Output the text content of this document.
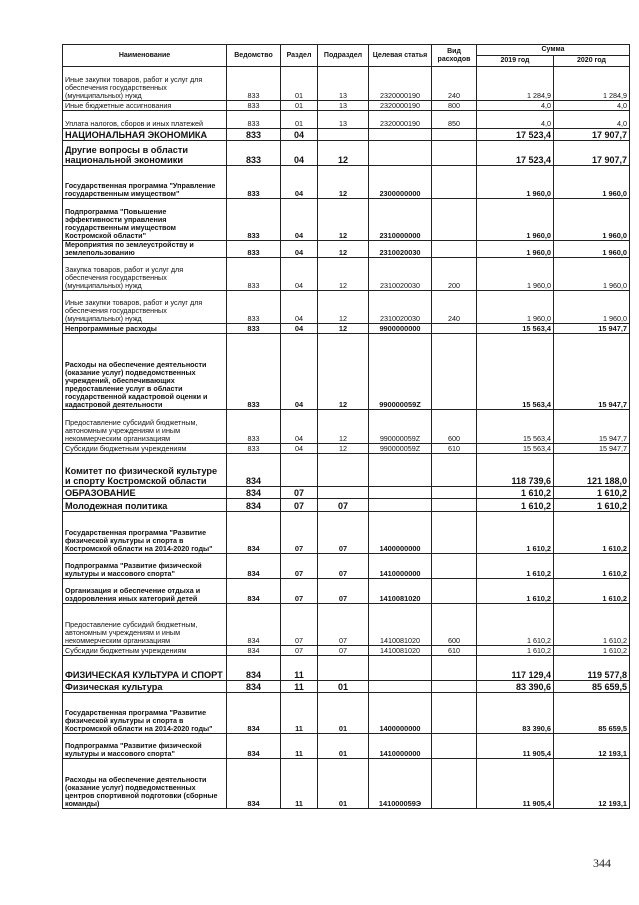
Наименование	Ведомство	Раздел	Подраздел	Целевая статья	Вид расходов	Сумма	
						2019 год	2020 год
Иные закупки товаров, работ и услуг для обеспечения государственных (муниципальных) нужд	833	01	13	2320000190	240	1 284,9	1 284,9
Иные бюджетные ассигнования	833	01	13	2320000190	800	4,0	4,0
Уплата налогов, сборов и иных платежей	833	01	13	2320000190	850	4,0	4,0
НАЦИОНАЛЬНАЯ ЭКОНОМИКА	833	04				17 523,4	17 907,7
Другие вопросы в области национальной экономики	833	04	12			17 523,4	17 907,7
Государственная программа "Управление государственным имуществом"	833	04	12	2300000000		1 960,0	1 960,0
Подпрограмма "Повышение эффективности управления государственным имуществом Костромской области"	833	04	12	2310000000		1 960,0	1 960,0
Мероприятия по землеустройству и землепользованию	833	04	12	2310020030		1 960,0	1 960,0
Закупка товаров, работ и услуг для обеспечения государственных (муниципальных) нужд	833	04	12	2310020030	200	1 960,0	1 960,0
Иные закупки товаров, работ и услуг для обеспечения государственных (муниципальных) нужд	833	04	12	2310020030	240	1 960,0	1 960,0
Непрограммные расходы	833	04	12	9900000000		15 563,4	15 947,7
Расходы на обеспечение деятельности (оказание услуг) подведомственных учреждений, обеспечивающих предоставление услуг в области государственной кадастровой оценки и кадастровой деятельности	833	04	12	990000059Z		15 563,4	15 947,7
Предоставление субсидий бюджетным, автономным учреждениям и иным некоммерческим организациям	833	04	12	990000059Z	600	15 563,4	15 947,7
Субсидии бюджетным учреждениям	833	04	12	990000059Z	610	15 563,4	15 947,7
Комитет по физической культуре и спорту Костромской области	834					118 739,6	121 188,0
ОБРАЗОВАНИЕ	834	07				1 610,2	1 610,2
Молодежная политика	834	07	07			1 610,2	1 610,2
Государственная программа "Развитие физической культуры и спорта в Костромской области на 2014-2020 годы"	834	07	07	1400000000		1 610,2	1 610,2
Подпрограмма "Развитие физической культуры и массового спорта"	834	07	07	1410000000		1 610,2	1 610,2
Организация и обеспечение отдыха и оздоровления иных категорий детей	834	07	07	1410081020		1 610,2	1 610,2
Предоставление субсидий бюджетным, автономным учреждениям и иным некоммерческим организациям	834	07	07	1410081020	600	1 610,2	1 610,2
Субсидии бюджетным учреждениям	834	07	07	1410081020	610	1 610,2	1 610,2
ФИЗИЧЕСКАЯ КУЛЬТУРА И СПОРТ	834	11				117 129,4	119 577,8
Физическая культура	834	11	01			83 390,6	85 659,5
Государственная программа "Развитие физической культуры и спорта в Костромской области на 2014-2020 годы"	834	11	01	1400000000		83 390,6	85 659,5
Подпрограмма "Развитие физической культуры и массового спорта"	834	11	01	1410000000		11 905,4	12 193,1
Расходы на обеспечение деятельности (оказание услуг) подведомственных центров спортивной подготовки (сборные команды)	834	11	01	141000059Э		11 905,4	12 193,1
344
